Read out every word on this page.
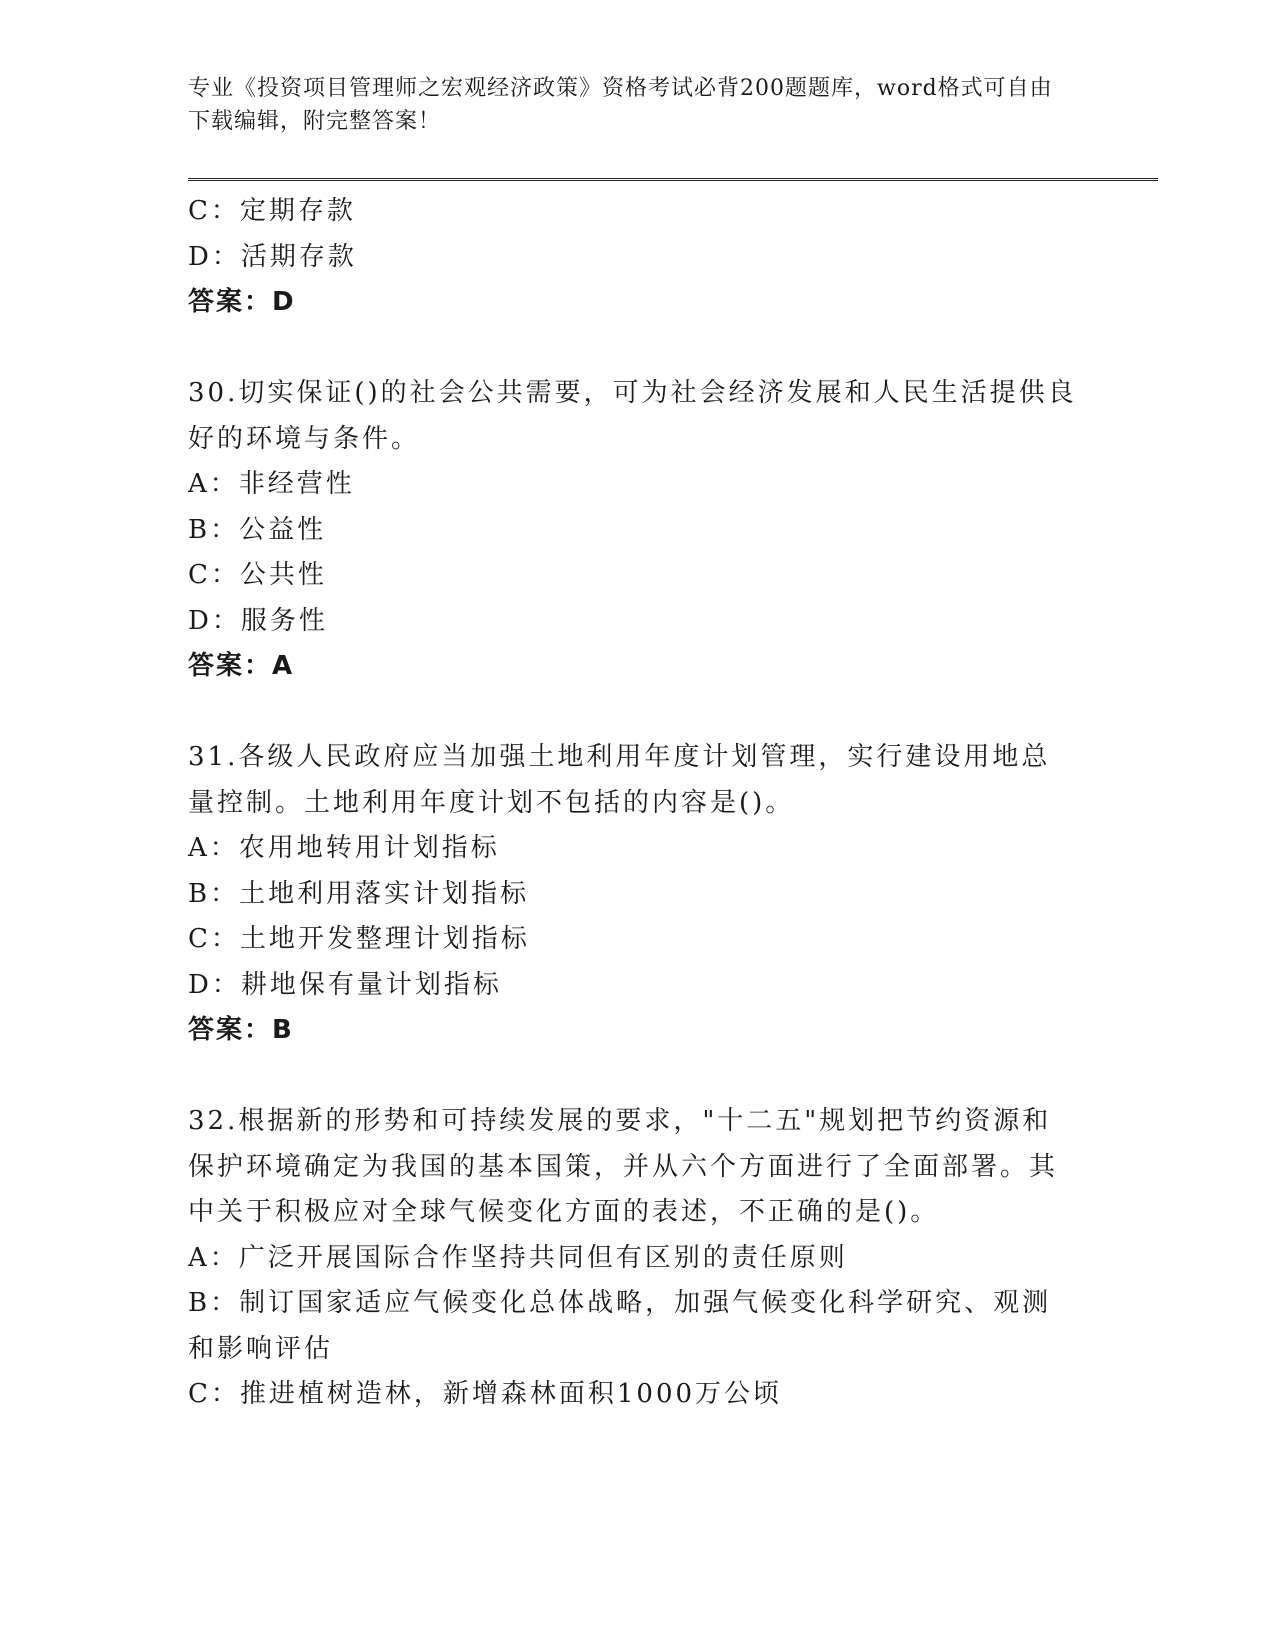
专业《投资项目管理师之宏观经济政策》资格考试必背200题题库，word格式可自由下载编辑，附完整答案！
C：定期存款
D：活期存款
答案：D
30.切实保证()的社会公共需要，可为社会经济发展和人民生活提供良好的环境与条件。
A：非经营性
B：公益性
C：公共性
D：服务性
答案：A
31.各级人民政府应当加强土地利用年度计划管理，实行建设用地总量控制。土地利用年度计划不包括的内容是()。
A：农用地转用计划指标
B：土地利用落实计划指标
C：土地开发整理计划指标
D：耕地保有量计划指标
答案：B
32.根据新的形势和可持续发展的要求，"十二五"规划把节约资源和保护环境确定为我国的基本国策，并从六个方面进行了全面部署。其中关于积极应对全球气候变化方面的表述，不正确的是()。
A：广泛开展国际合作坚持共同但有区别的责任原则
B：制订国家适应气候变化总体战略，加强气候变化科学研究、观测和影响评估
C：推进植树造林，新增森林面积1000万公顷
